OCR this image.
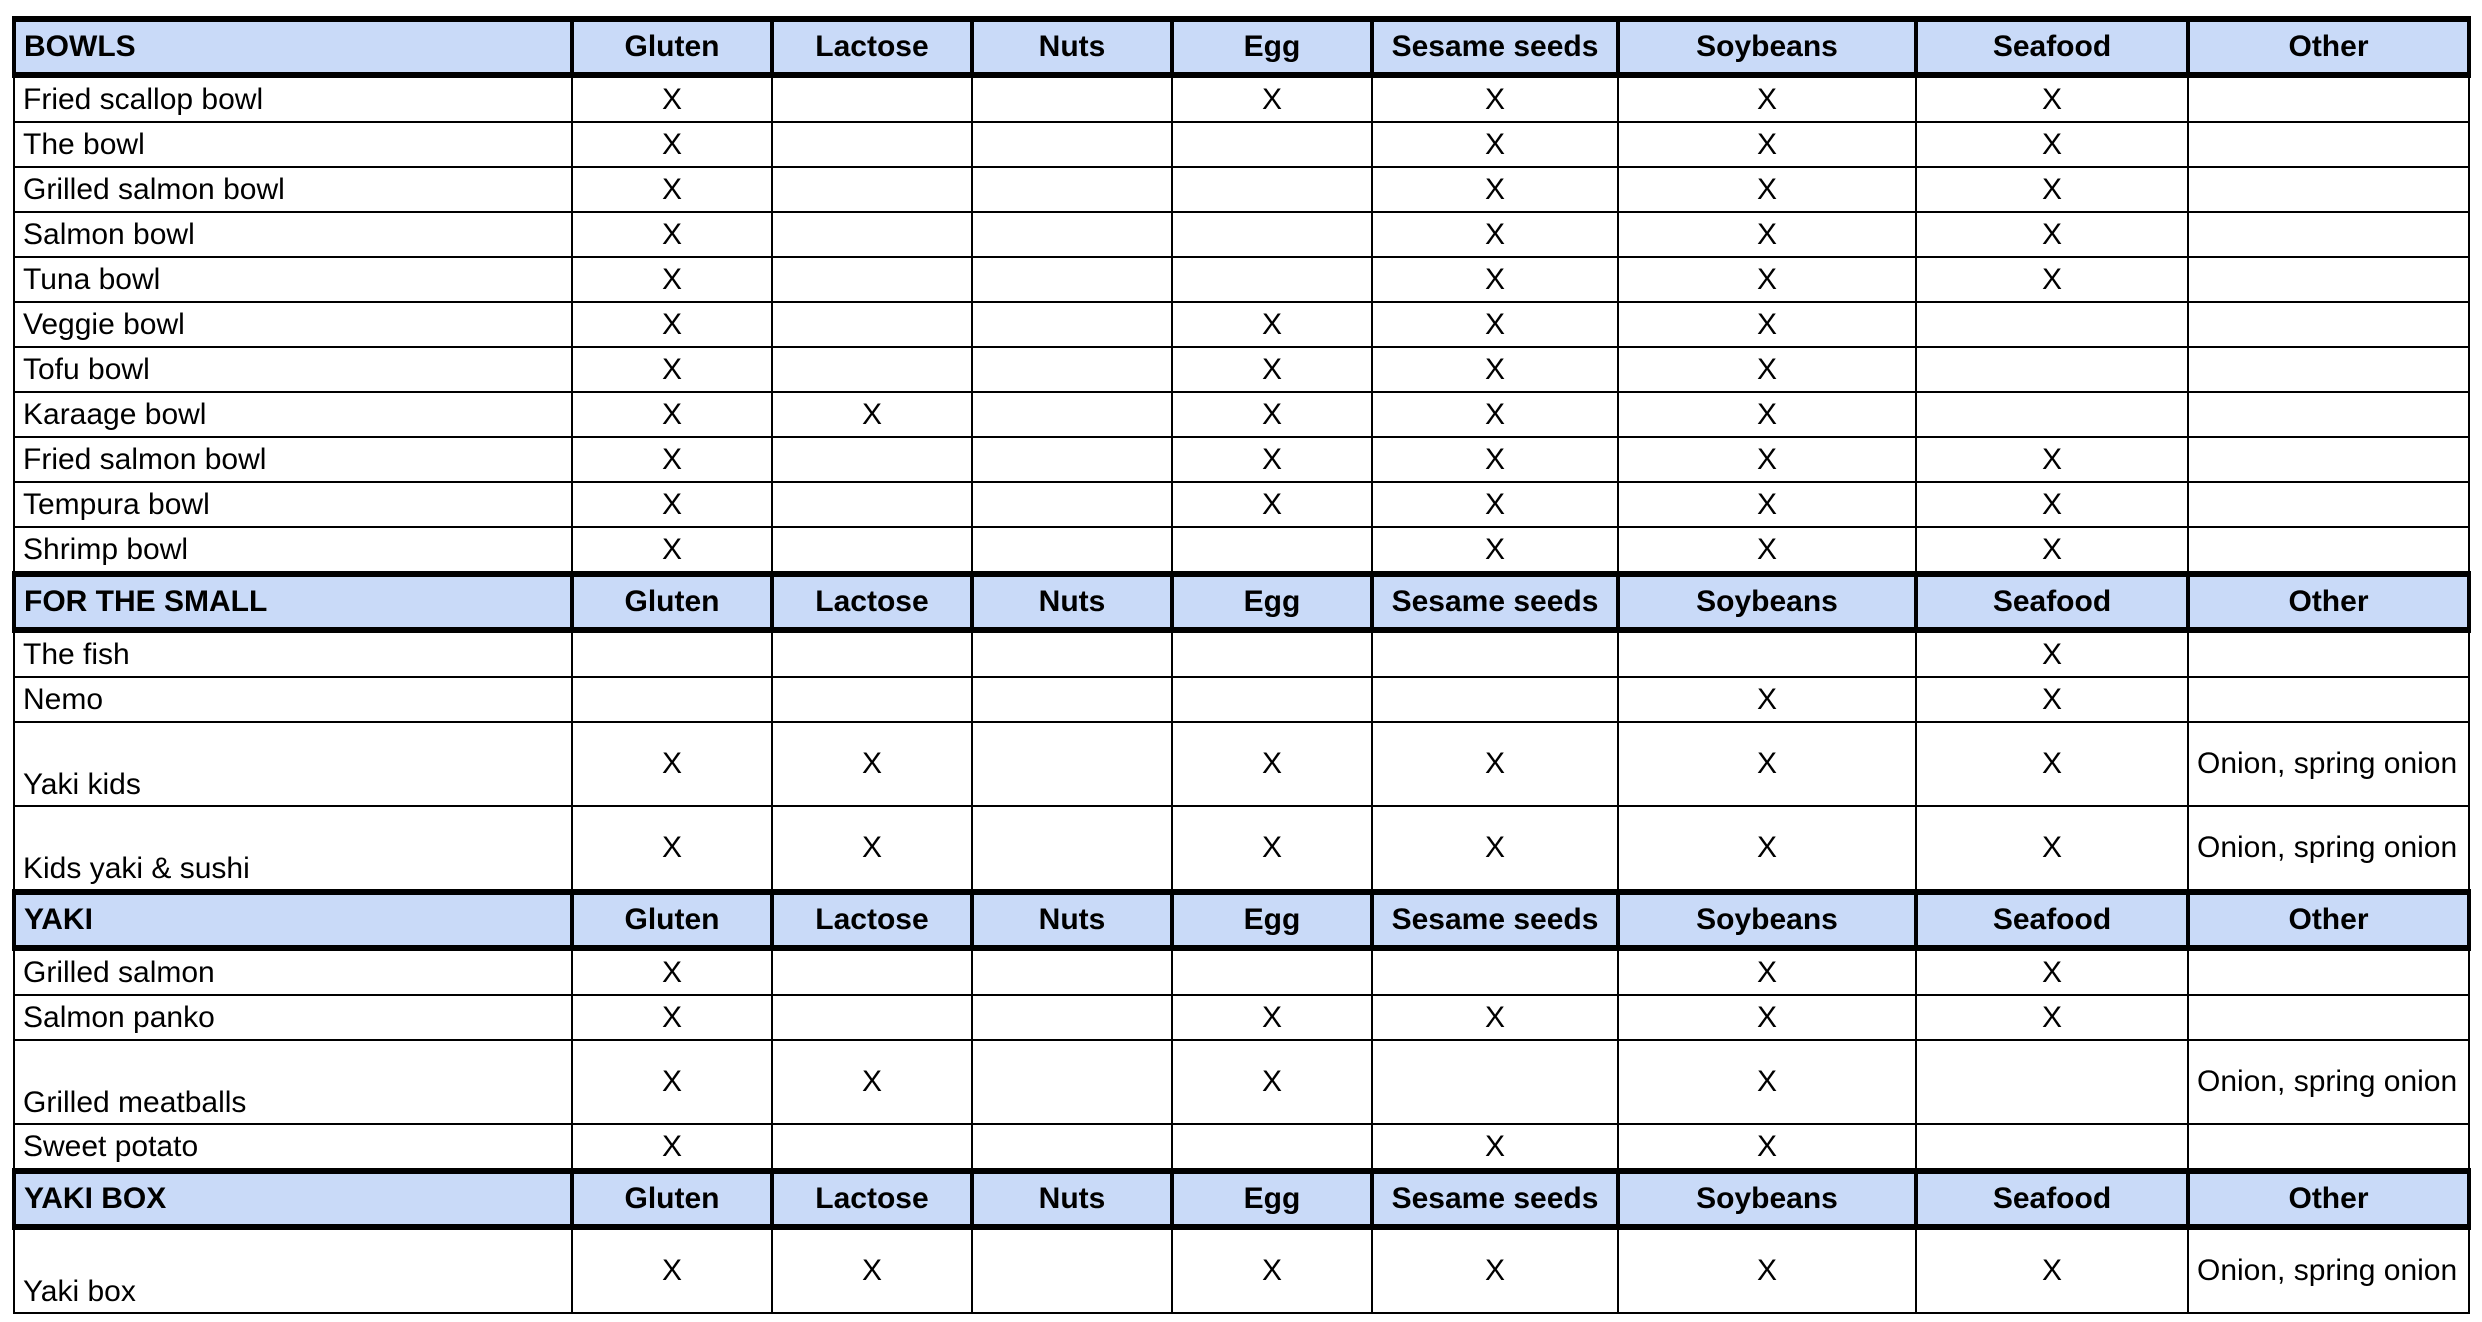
BOWLS	Gluten	Lactose	Nuts	Egg	Sesame seeds	Soybeans	Seafood	Other
Fried scallop bowl	X			X	X	X	X	
The bowl	X				X	X	X	
Grilled salmon bowl	X				X	X	X	
Salmon bowl	X				X	X	X	
Tuna bowl	X				X	X	X	
Veggie bowl	X			X	X	X		
Tofu bowl	X			X	X	X		
Karaage bowl	X	X		X	X	X		
Fried salmon bowl	X			X	X	X	X	
Tempura bowl	X			X	X	X	X	
Shrimp bowl	X				X	X	X	
FOR THE SMALL	Gluten	Lactose	Nuts	Egg	Sesame seeds	Soybeans	Seafood	Other
The fish							X	
Nemo						X	X	
Yaki kids	X	X		X	X	X	X	Onion, spring onion
Kids yaki & sushi	X	X		X	X	X	X	Onion, spring onion
YAKI	Gluten	Lactose	Nuts	Egg	Sesame seeds	Soybeans	Seafood	Other
Grilled salmon	X					X	X	
Salmon panko	X			X	X	X	X	
Grilled meatballs	X	X		X		X		Onion, spring onion
Sweet potato	X				X	X		
YAKI BOX	Gluten	Lactose	Nuts	Egg	Sesame seeds	Soybeans	Seafood	Other
Yaki box	X	X		X	X	X	X	Onion, spring onion
